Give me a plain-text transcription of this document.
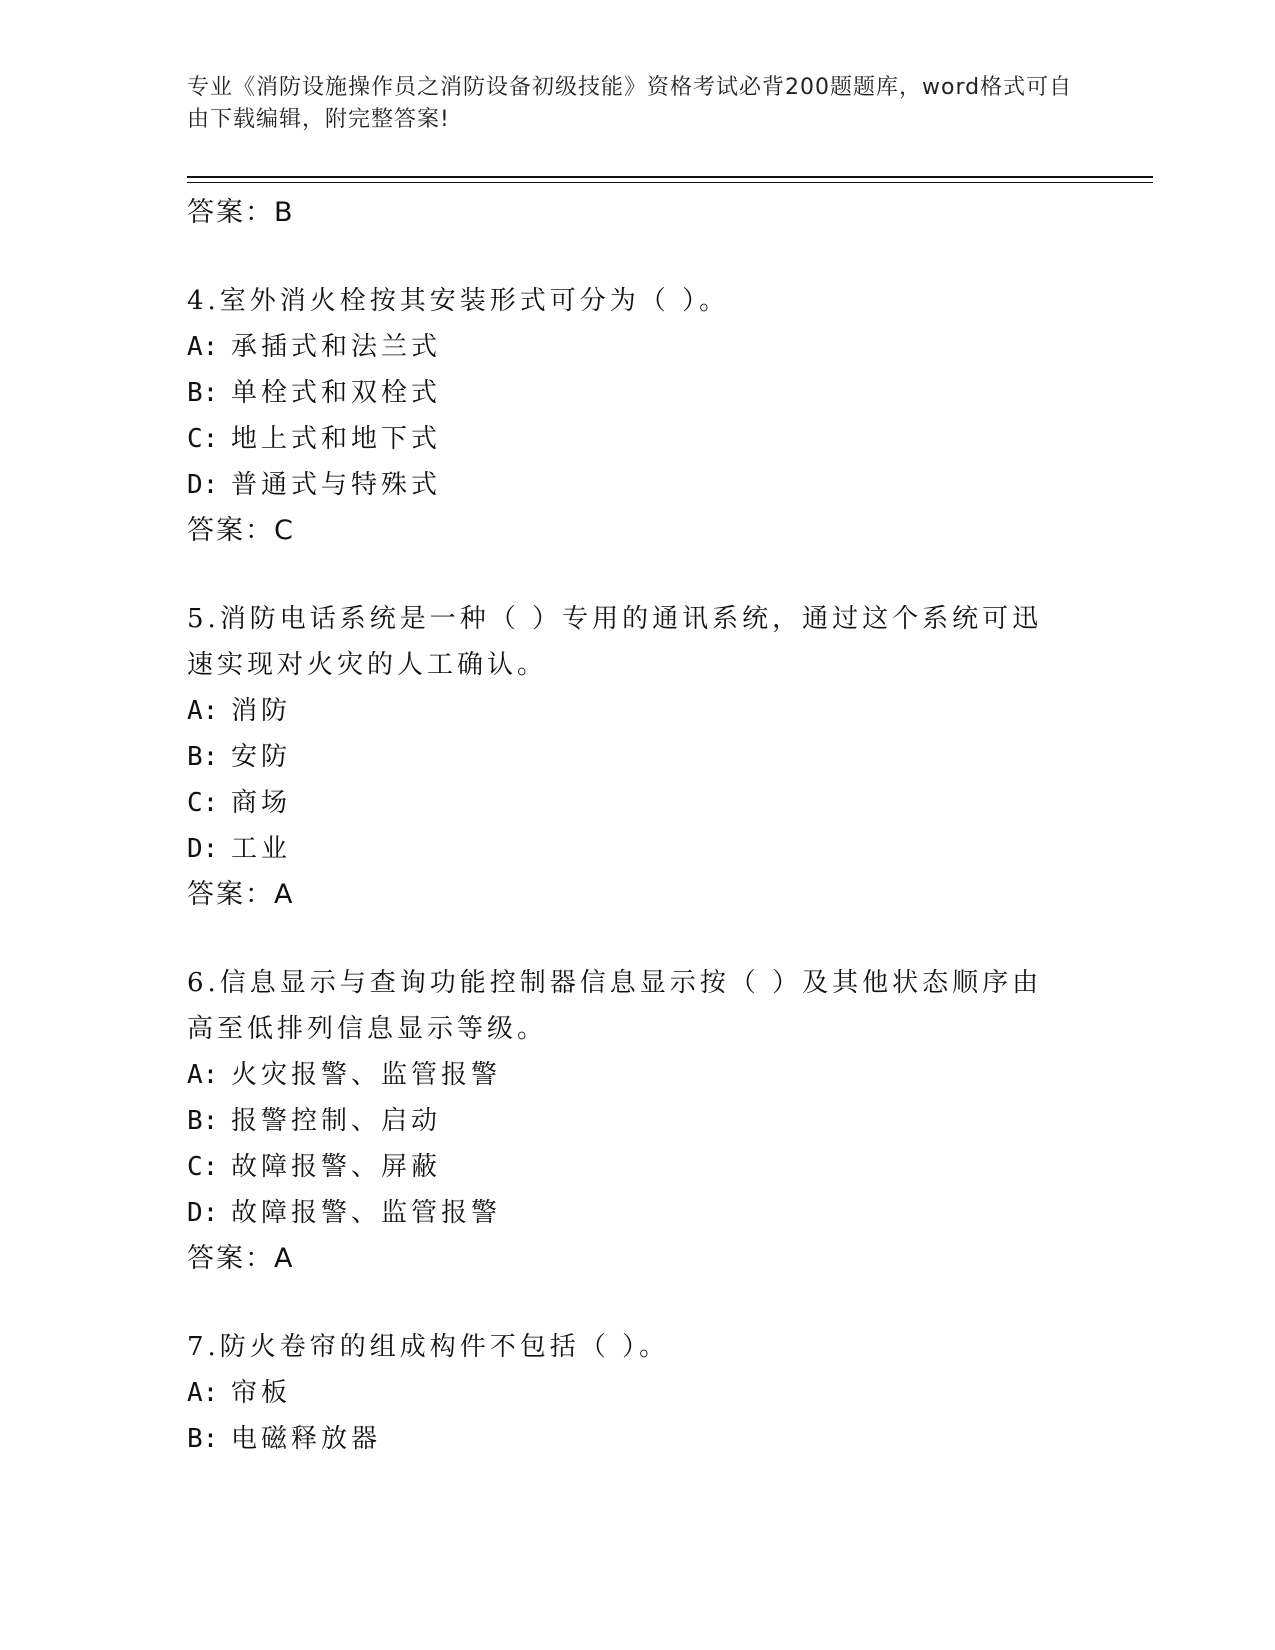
专业《消防设施操作员之消防设备初级技能》资格考试必背200题题库，word格式可自由下载编辑，附完整答案!
答案：B
4.室外消火栓按其安装形式可分为（ ）。
A: 承插式和法兰式
B: 单栓式和双栓式
C: 地上式和地下式
D: 普通式与特殊式
答案：C
5.消防电话系统是一种（ ）专用的通讯系统，通过这个系统可迅速实现对火灾的人工确认。
A: 消防
B: 安防
C: 商场
D: 工业
答案：A
6.信息显示与查询功能控制器信息显示按（ ）及其他状态顺序由高至低排列信息显示等级。
A: 火灾报警、监管报警
B: 报警控制、启动
C: 故障报警、屏蔽
D: 故障报警、监管报警
答案：A
7.防火卷帘的组成构件不包括（ ）。
A: 帘板
B: 电磁释放器
